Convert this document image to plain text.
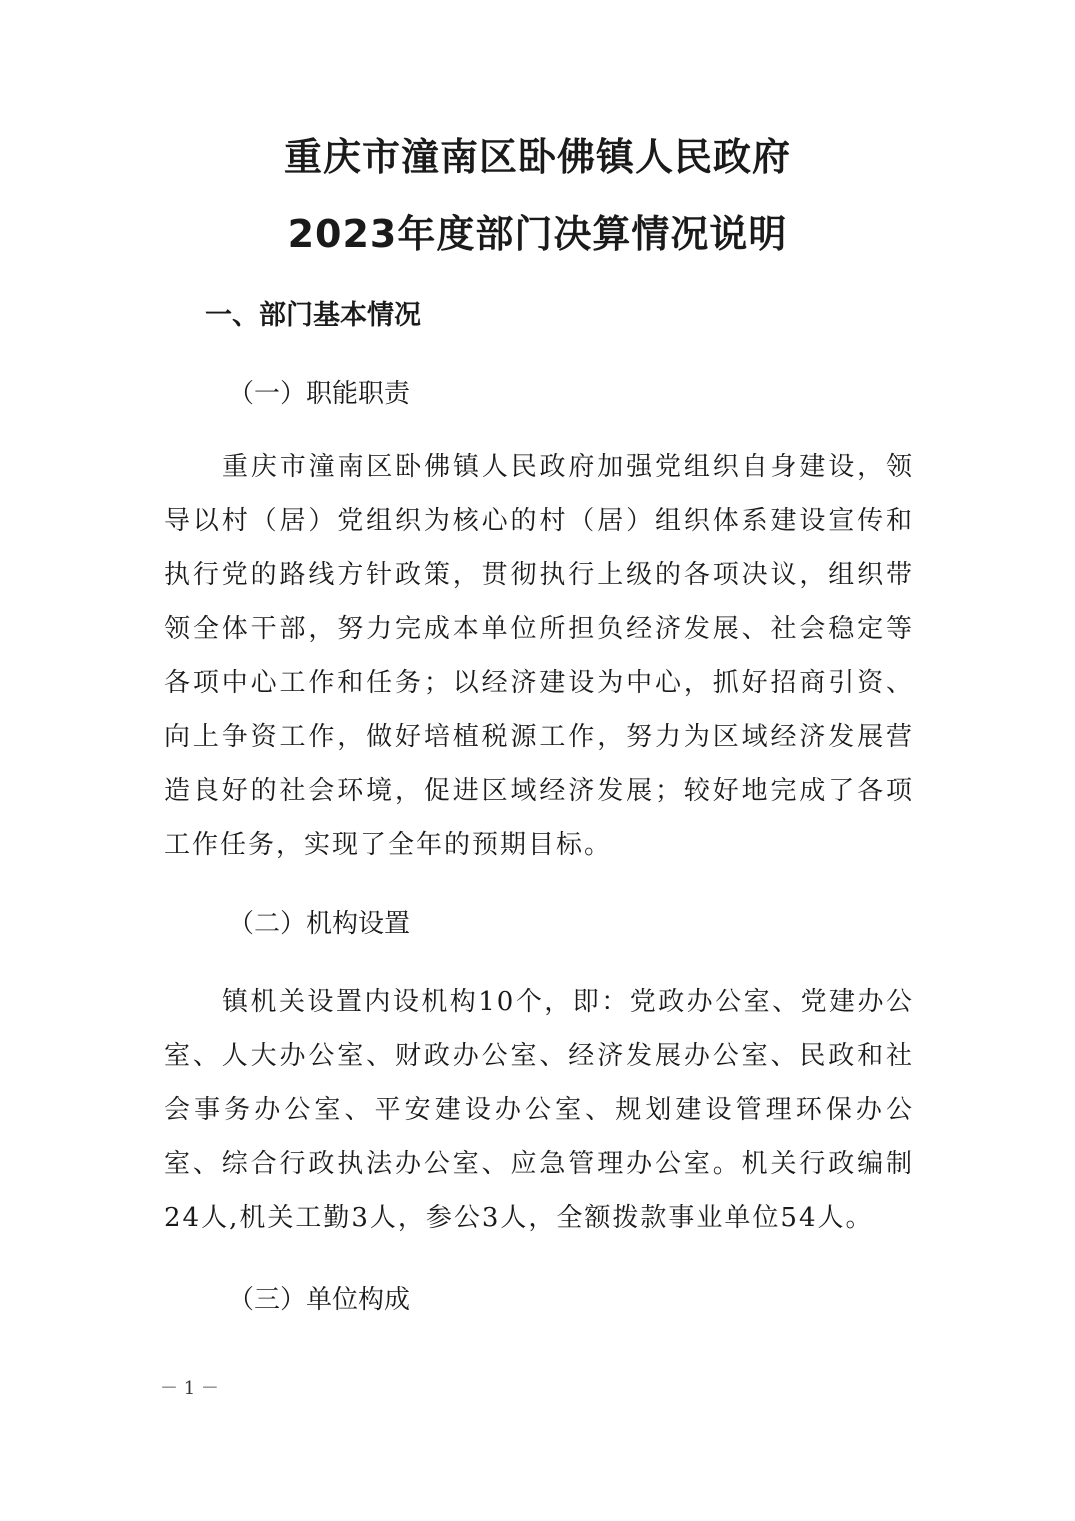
重庆市潼南区卧佛镇人民政府
2023年度部门决算情况说明
一、部门基本情况
（一）职能职责
重庆市潼南区卧佛镇人民政府加强党组织自身建设，领导以村（居）党组织为核心的村（居）组织体系建设宣传和执行党的路线方针政策，贯彻执行上级的各项决议，组织带领全体干部，努力完成本单位所担负经济发展、社会稳定等各项中心工作和任务；以经济建设为中心，抓好招商引资、向上争资工作，做好培植税源工作，努力为区域经济发展营造良好的社会环境，促进区域经济发展；较好地完成了各项工作任务，实现了全年的预期目标。
（二）机构设置
镇机关设置内设机构10个，即：党政办公室、党建办公室、人大办公室、财政办公室、经济发展办公室、民政和社会事务办公室、平安建设办公室、规划建设管理环保办公室、综合行政执法办公室、应急管理办公室。机关行政编制24人,机关工勤3人，参公3人，全额拨款事业单位54人。
（三）单位构成
－ 1 －
